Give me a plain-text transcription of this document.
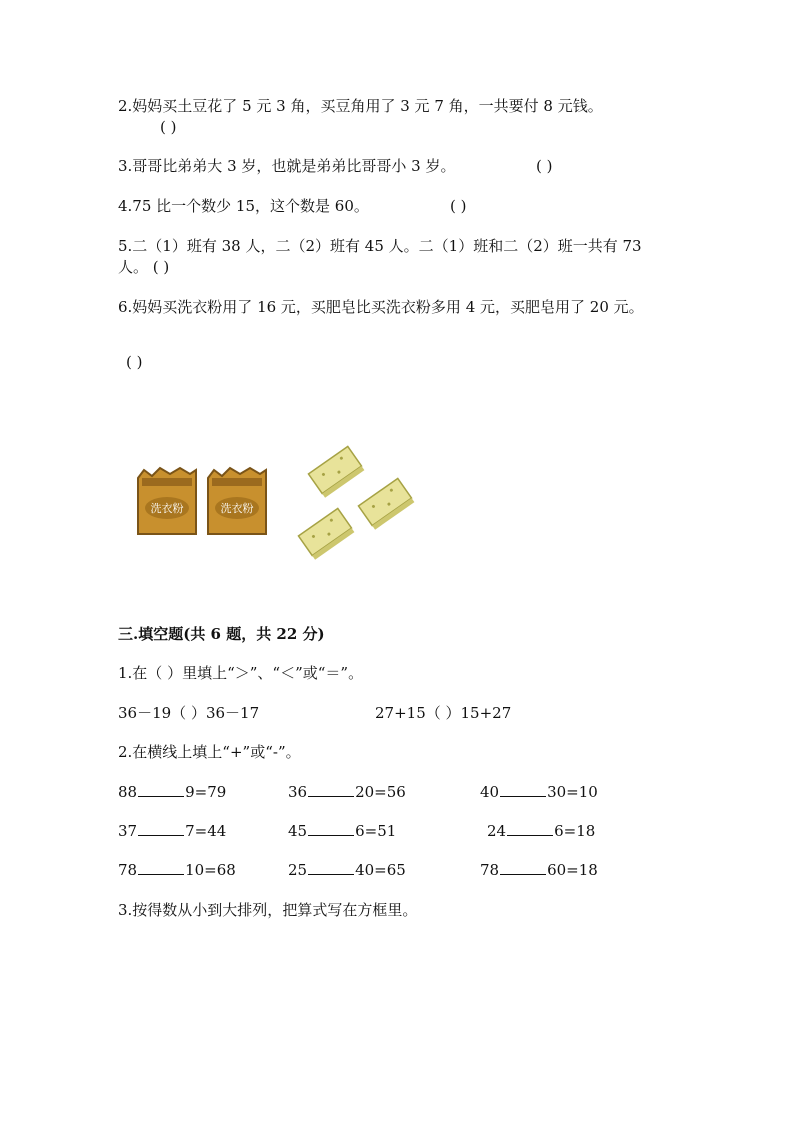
2.妈妈买土豆花了 5 元 3 角，买豆角用了 3 元 7 角，一共要付 8 元钱。
( )
3.哥哥比弟弟大 3 岁，也就是弟弟比哥哥小 3 岁。	( )
4.75 比一个数少 15，这个数是 60。	( )
5.二（1）班有 38 人，二（2）班有 45 人。二（1）班和二（2）班一共有 73
人。 ( )
6.妈妈买洗衣粉用了 16 元，买肥皂比买洗衣粉多用 4 元，买肥皂用了 20 元。
( )
洗衣粉	洗衣粉
三.填空题(共 6 题，共 22 分)
1.在（ ）里填上“＞”、“＜”或“＝”。
36－19（ ）36－17	27+15（ ）15+27
2.在横线上填上“+”或“-”。
88	9=79	36	20=56	40	30=10
37	7=44	45	6=51	24	6=18
78	10=68	25	40=65	78	60=18
3.按得数从小到大排列，把算式写在方框里。
